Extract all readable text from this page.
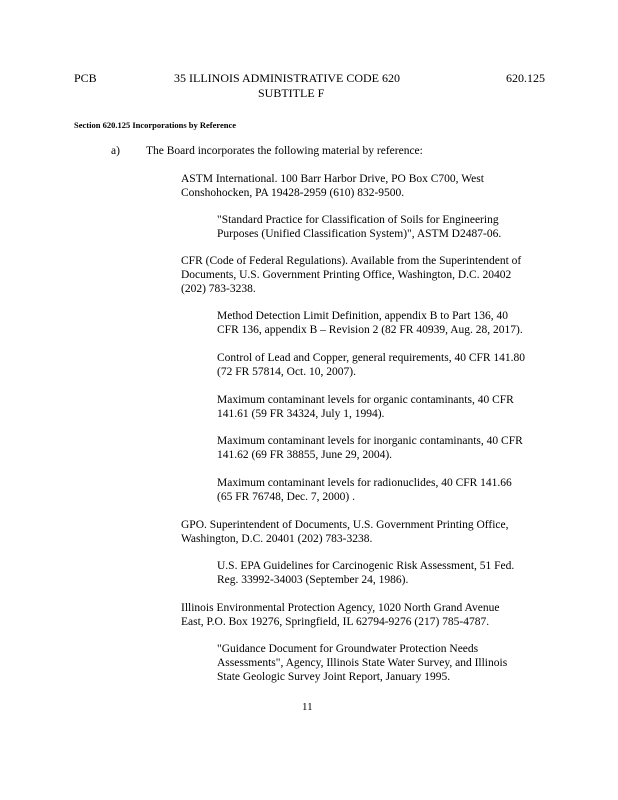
PCB	35 ILLINOIS ADMINISTRATIVE CODE 620
SUBTITLE F
620.125
Section 620.125 Incorporations by Reference
a) The Board incorporates the following material by reference:
ASTM International. 100 Barr Harbor Drive, PO Box C700, West
Conshohocken, PA 19428-2959 (610) 832-9500.
"Standard Practice for Classification of Soils for Engineering
Purposes (Unified Classification System)", ASTM D2487-06.
CFR (Code of Federal Regulations). Available from the Superintendent of
Documents, U.S. Government Printing Office, Washington, D.C. 20402
(202) 783-3238.
Method Detection Limit Definition, appendix B to Part 136, 40
CFR 136, appendix B – Revision 2 (82 FR 40939, Aug. 28, 2017).
Control of Lead and Copper, general requirements, 40 CFR 141.80
(72 FR 57814, Oct. 10, 2007).
Maximum contaminant levels for organic contaminants, 40 CFR
141.61 (59 FR 34324, July 1, 1994).
Maximum contaminant levels for inorganic contaminants, 40 CFR
141.62 (69 FR 38855, June 29, 2004).
Maximum contaminant levels for radionuclides, 40 CFR 141.66
(65 FR 76748, Dec. 7, 2000) .
GPO. Superintendent of Documents, U.S. Government Printing Office,
Washington, D.C. 20401 (202) 783-3238.
U.S. EPA Guidelines for Carcinogenic Risk Assessment, 51 Fed.
Reg. 33992-34003 (September 24, 1986).
Illinois Environmental Protection Agency, 1020 North Grand Avenue
East, P.O. Box 19276, Springfield, IL 62794-9276 (217) 785-4787.
"Guidance Document for Groundwater Protection Needs
Assessments", Agency, Illinois State Water Survey, and Illinois
State Geologic Survey Joint Report, January 1995.
11
